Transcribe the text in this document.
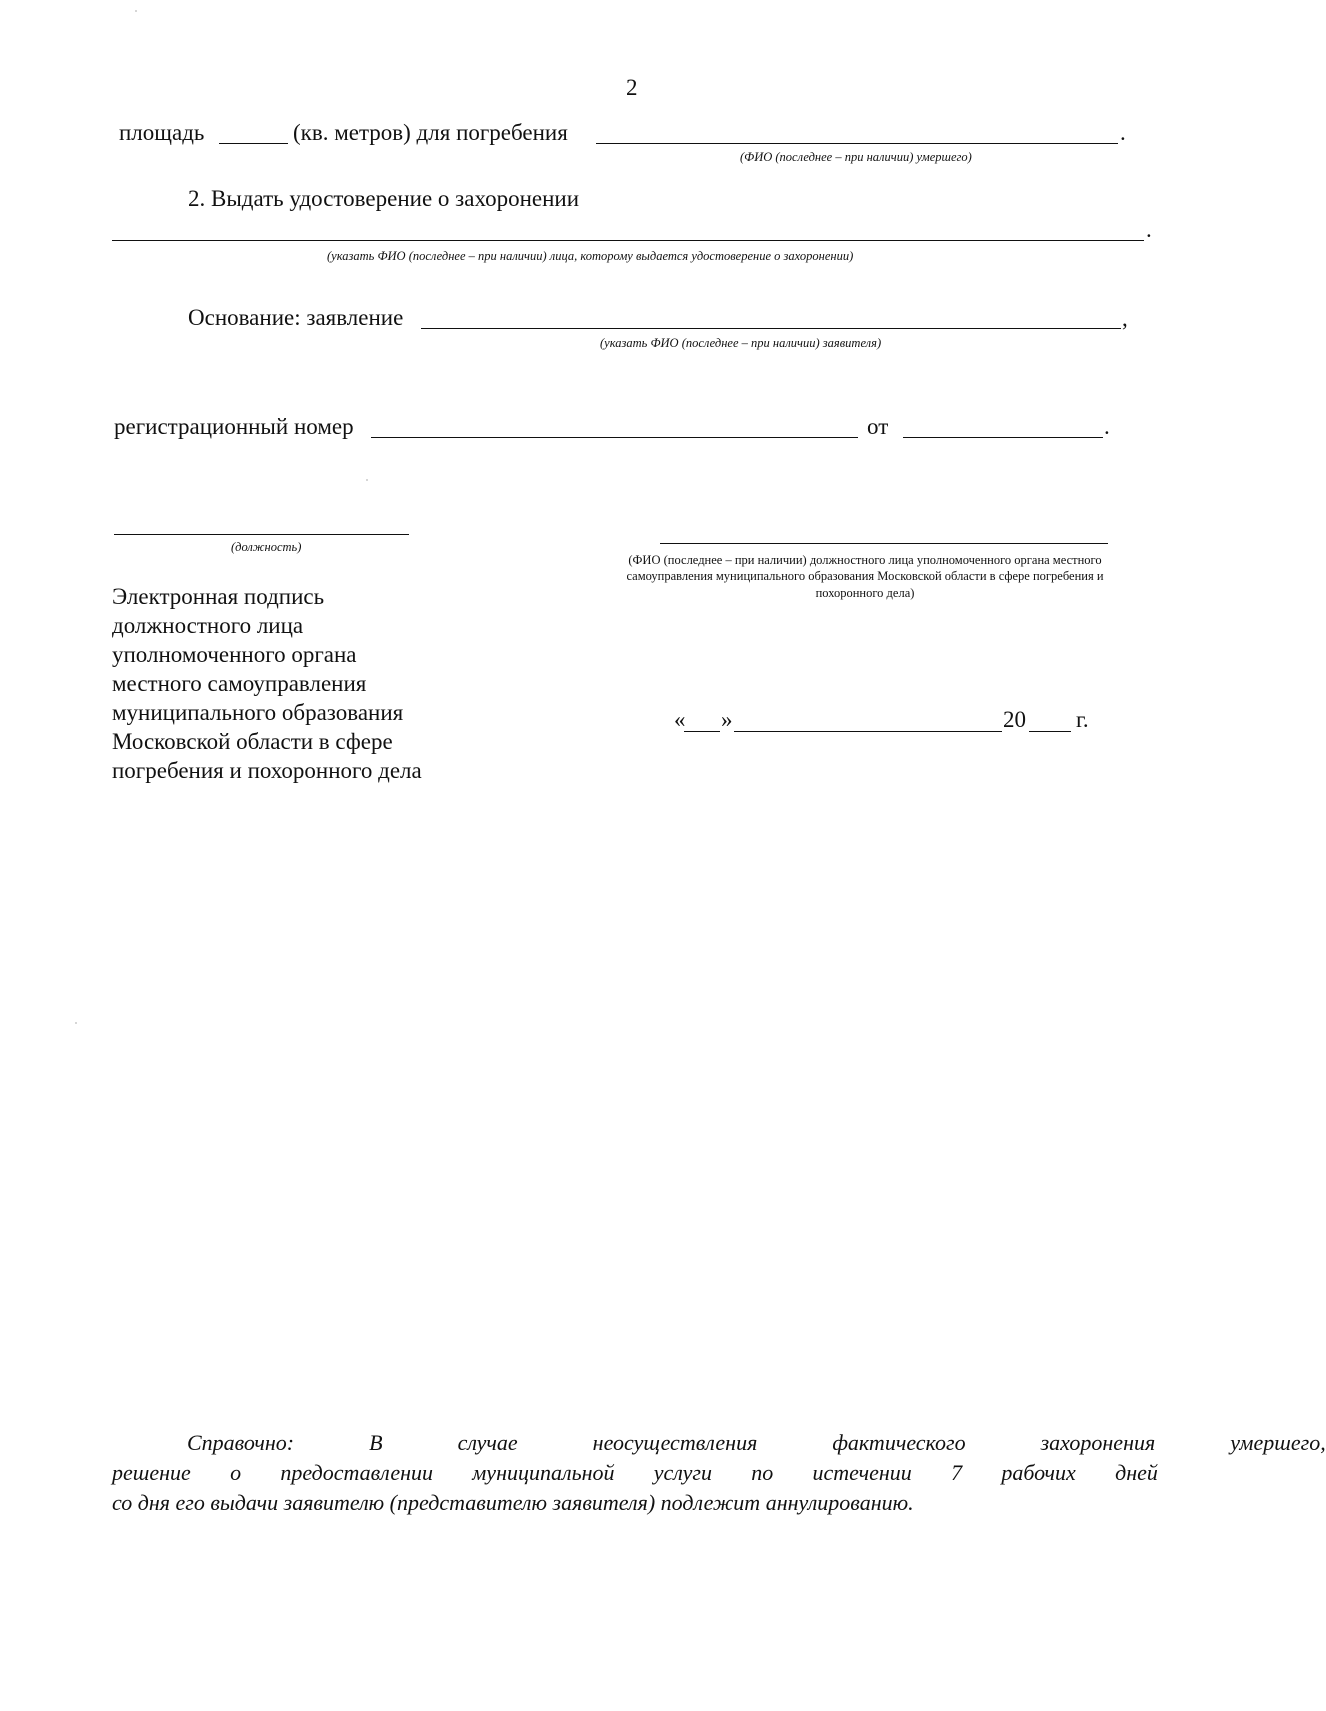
2
площадь	(кв. метров) для погребения	.
(ФИО (последнее – при наличии) умершего)
2. Выдать удостоверение о захоронении
.
(указать ФИО (последнее – при наличии) лица, которому выдается удостоверение о захоронении)
Основание: заявление	,
(указать ФИО (последнее – при наличии) заявителя)
регистрационный номер	от	.
(должность)
(ФИО (последнее – при наличии) должностного лица уполномоченного органа местного самоуправления муниципального образования Московской области в сфере погребения и похоронного дела)
Электронная подпись должностного лица уполномоченного органа местного самоуправления муниципального образования Московской области в сфере погребения и похоронного дела
« »	20 г.
Справочно:	В	случае	неосуществления	фактического	захоронения	умершего,
решение о предоставлении муниципальной услуги по истечении 7 рабочих дней

со дня его выдачи заявителю (представителю заявителя) подлежит аннулированию.
